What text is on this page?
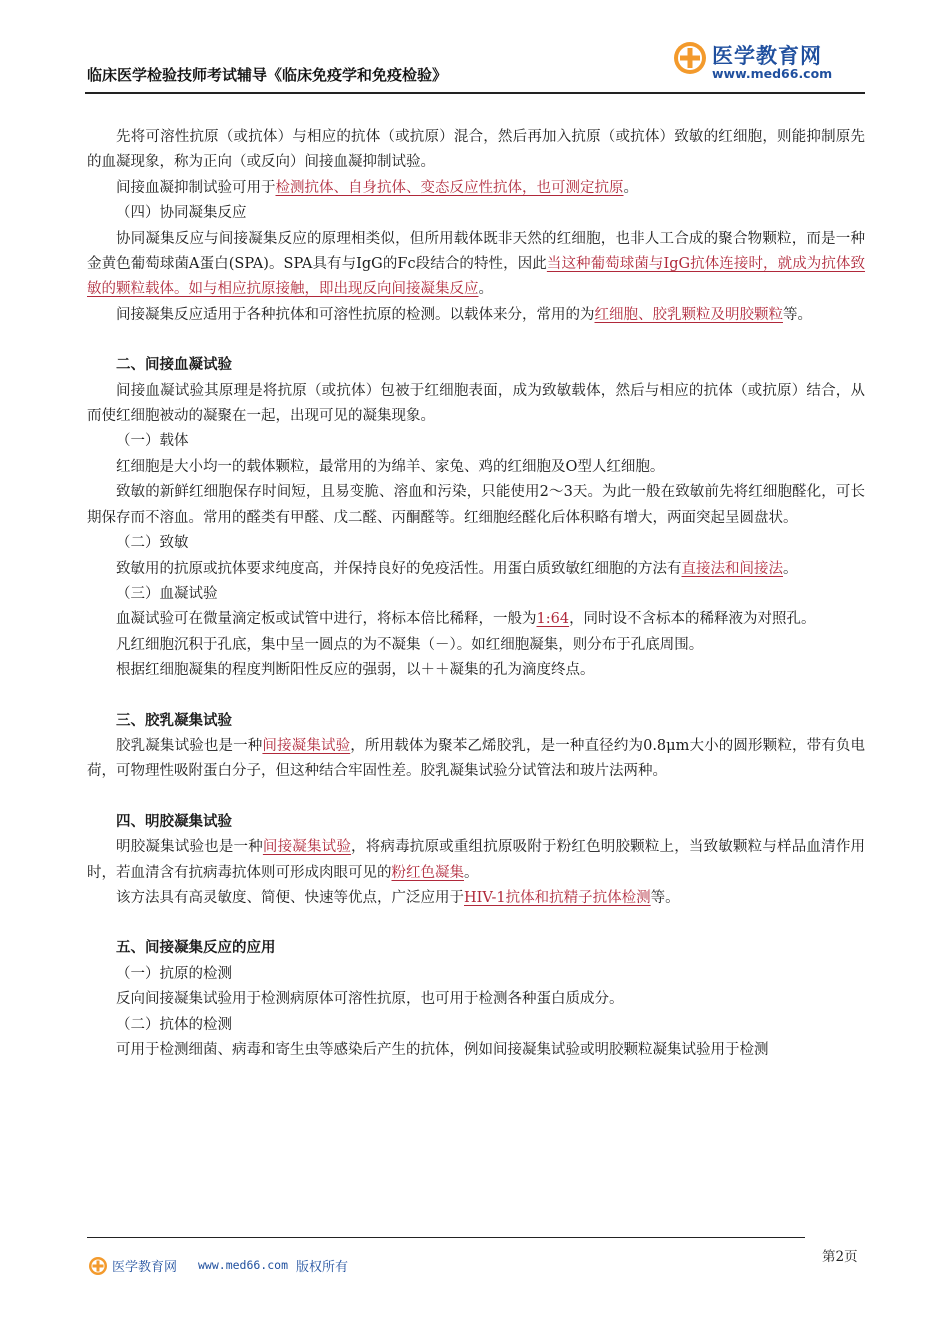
临床医学检验技师考试辅导《临床免疫学和免疫检验》
医学教育网
www.med66.com

先将可溶性抗原（或抗体）与相应的抗体（或抗原）混合，然后再加入抗原（或抗体）致敏的红细胞，则能抑制原先的血凝现象，称为正向（或反向）间接血凝抑制试验。

间接血凝抑制试验可用于检测抗体、自身抗体、变态反应性抗体，也可测定抗原。

（四）协同凝集反应

协同凝集反应与间接凝集反应的原理相类似，但所用载体既非天然的红细胞，也非人工合成的聚合物颗粒，而是一种金黄色葡萄球菌A蛋白(SPA)。SPA具有与IgG的Fc段结合的特性，因此当这种葡萄球菌与IgG抗体连接时，就成为抗体致敏的颗粒载体。如与相应抗原接触，即出现反向间接凝集反应。

间接凝集反应适用于各种抗体和可溶性抗原的检测。以载体来分，常用的为红细胞、胶乳颗粒及明胶颗粒等。

二、间接血凝试验

间接血凝试验其原理是将抗原（或抗体）包被于红细胞表面，成为致敏载体，然后与相应的抗体（或抗原）结合，从而使红细胞被动的凝聚在一起，出现可见的凝集现象。

（一）载体

红细胞是大小均一的载体颗粒，最常用的为绵羊、家兔、鸡的红细胞及O型人红细胞。

致敏的新鲜红细胞保存时间短，且易变脆、溶血和污染，只能使用2～3天。为此一般在致敏前先将红细胞醛化，可长期保存而不溶血。常用的醛类有甲醛、戊二醛、丙酮醛等。红细胞经醛化后体积略有增大，两面突起呈圆盘状。

（二）致敏

致敏用的抗原或抗体要求纯度高，并保持良好的免疫活性。用蛋白质致敏红细胞的方法有直接法和间接法。

（三）血凝试验

血凝试验可在微量滴定板或试管中进行，将标本倍比稀释，一般为1:64，同时设不含标本的稀释液为对照孔。

凡红细胞沉积于孔底，集中呈一圆点的为不凝集（－）。如红细胞凝集，则分布于孔底周围。

根据红细胞凝集的程度判断阳性反应的强弱，以＋＋凝集的孔为滴度终点。

三、胶乳凝集试验

胶乳凝集试验也是一种间接凝集试验，所用载体为聚苯乙烯胶乳，是一种直径约为0.8μm大小的圆形颗粒，带有负电荷，可物理性吸附蛋白分子，但这种结合牢固性差。胶乳凝集试验分试管法和玻片法两种。

四、明胶凝集试验

明胶凝集试验也是一种间接凝集试验，将病毒抗原或重组抗原吸附于粉红色明胶颗粒上，当致敏颗粒与样品血清作用时，若血清含有抗病毒抗体则可形成肉眼可见的粉红色凝集。

该方法具有高灵敏度、简便、快速等优点，广泛应用于HIV-1抗体和抗精子抗体检测等。

五、间接凝集反应的应用

（一）抗原的检测

反向间接凝集试验用于检测病原体可溶性抗原，也可用于检测各种蛋白质成分。

（二）抗体的检测

可用于检测细菌、病毒和寄生虫等感染后产生的抗体，例如间接凝集试验或明胶颗粒凝集试验用于检测

医学教育网 www.med66.com 版权所有
第2页
